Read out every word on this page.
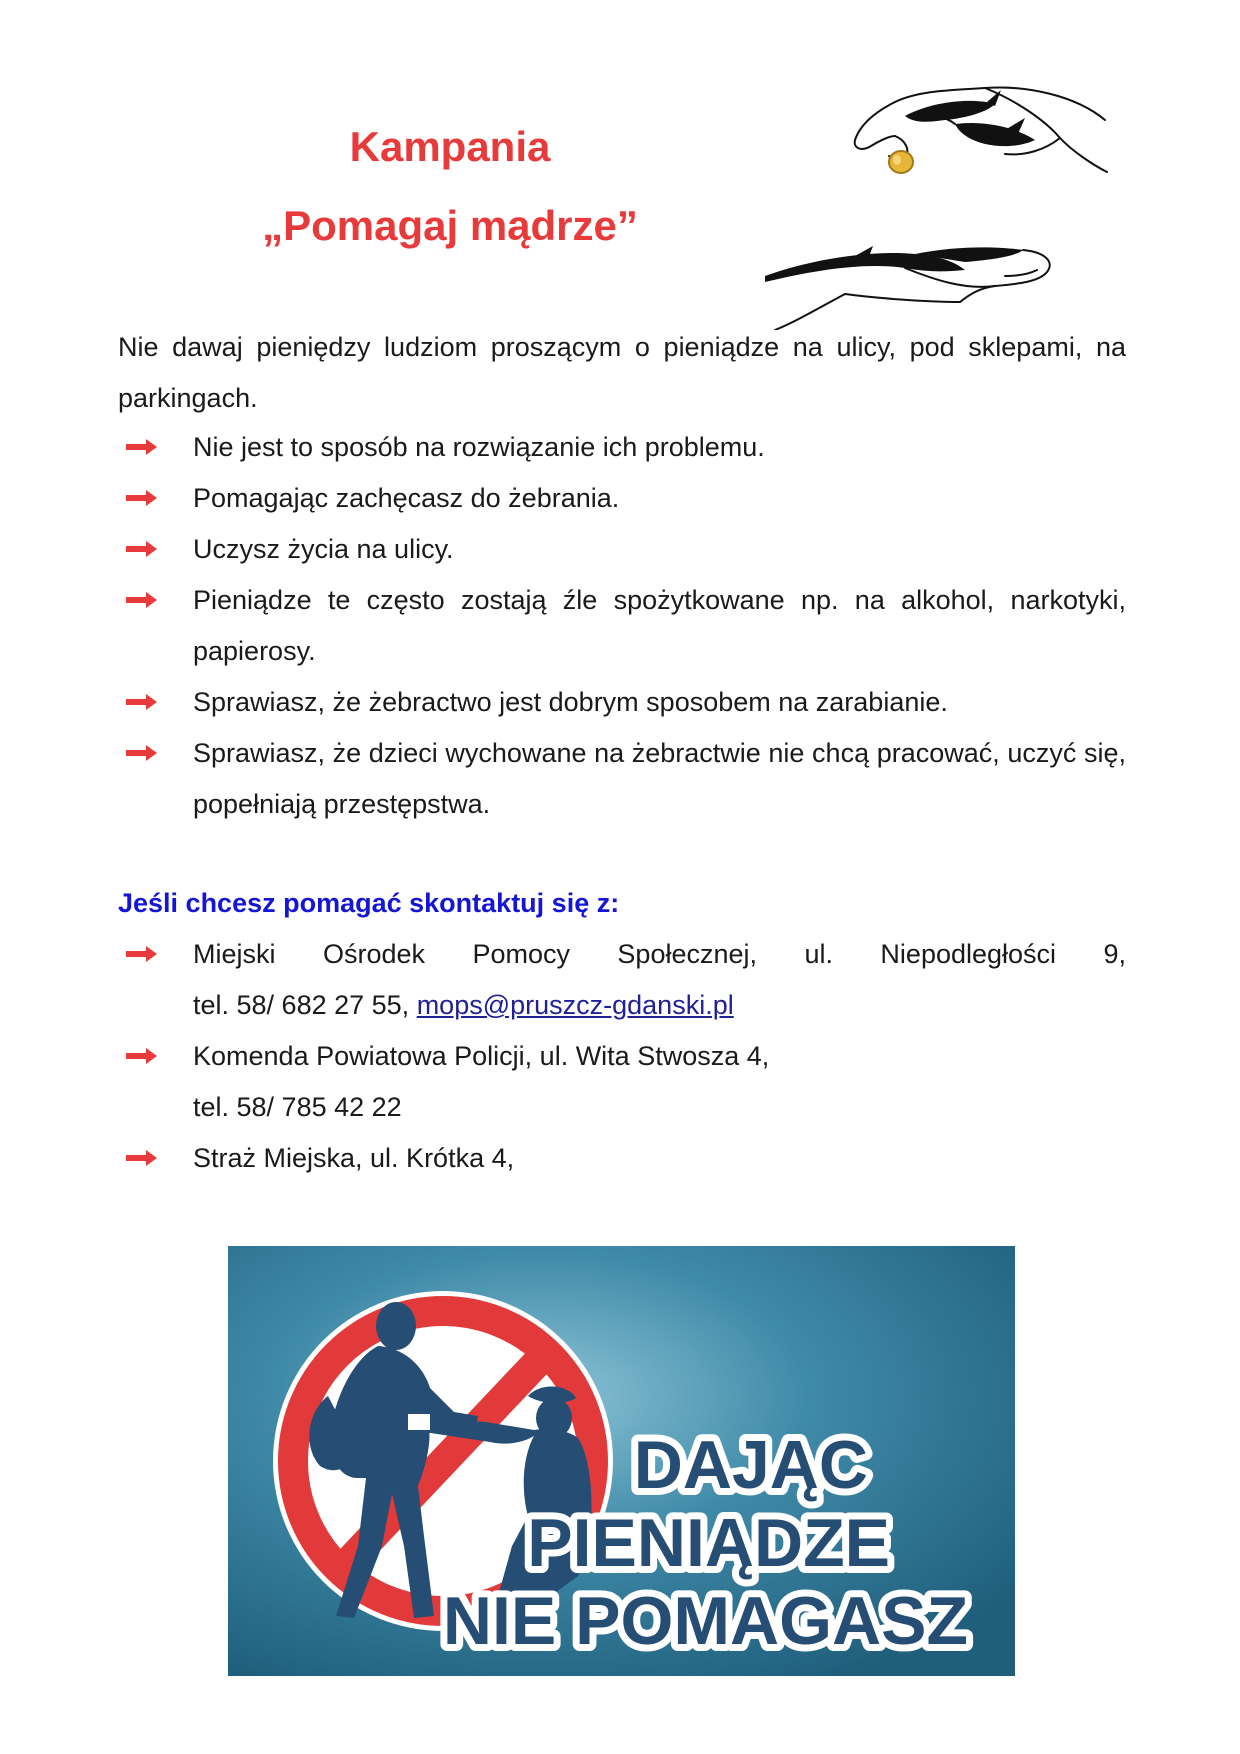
Kampania
„Pomagaj mądrze”

Nie dawaj pieniędzy ludziom proszącym o pieniądze na ulicy, pod sklepami, na parkingach.

Nie jest to sposób na rozwiązanie ich problemu.
Pomagając zachęcasz do żebrania.
Uczysz życia na ulicy.
Pieniądze te często zostają źle spożytkowane np. na alkohol, narkotyki, papierosy.
Sprawiasz, że żebractwo jest dobrym sposobem na zarabianie.
Sprawiasz, że dzieci wychowane na żebractwie nie chcą pracować, uczyć się, popełniają przestępstwa.
Jeśli chcesz pomagać skontaktuj się z:
Miejski Ośrodek Pomocy Społecznej, ul. Niepodległości 9,
tel. 58/ 682 27 55, mops@pruszcz-gdanski.pl
Komenda Powiatowa Policji, ul. Wita Stwosza 4,
tel. 58/ 785 42 22
Straż Miejska, ul. Krótka 4,
DAJĄC
PIENIĄDZE
NIE POMAGASZ
